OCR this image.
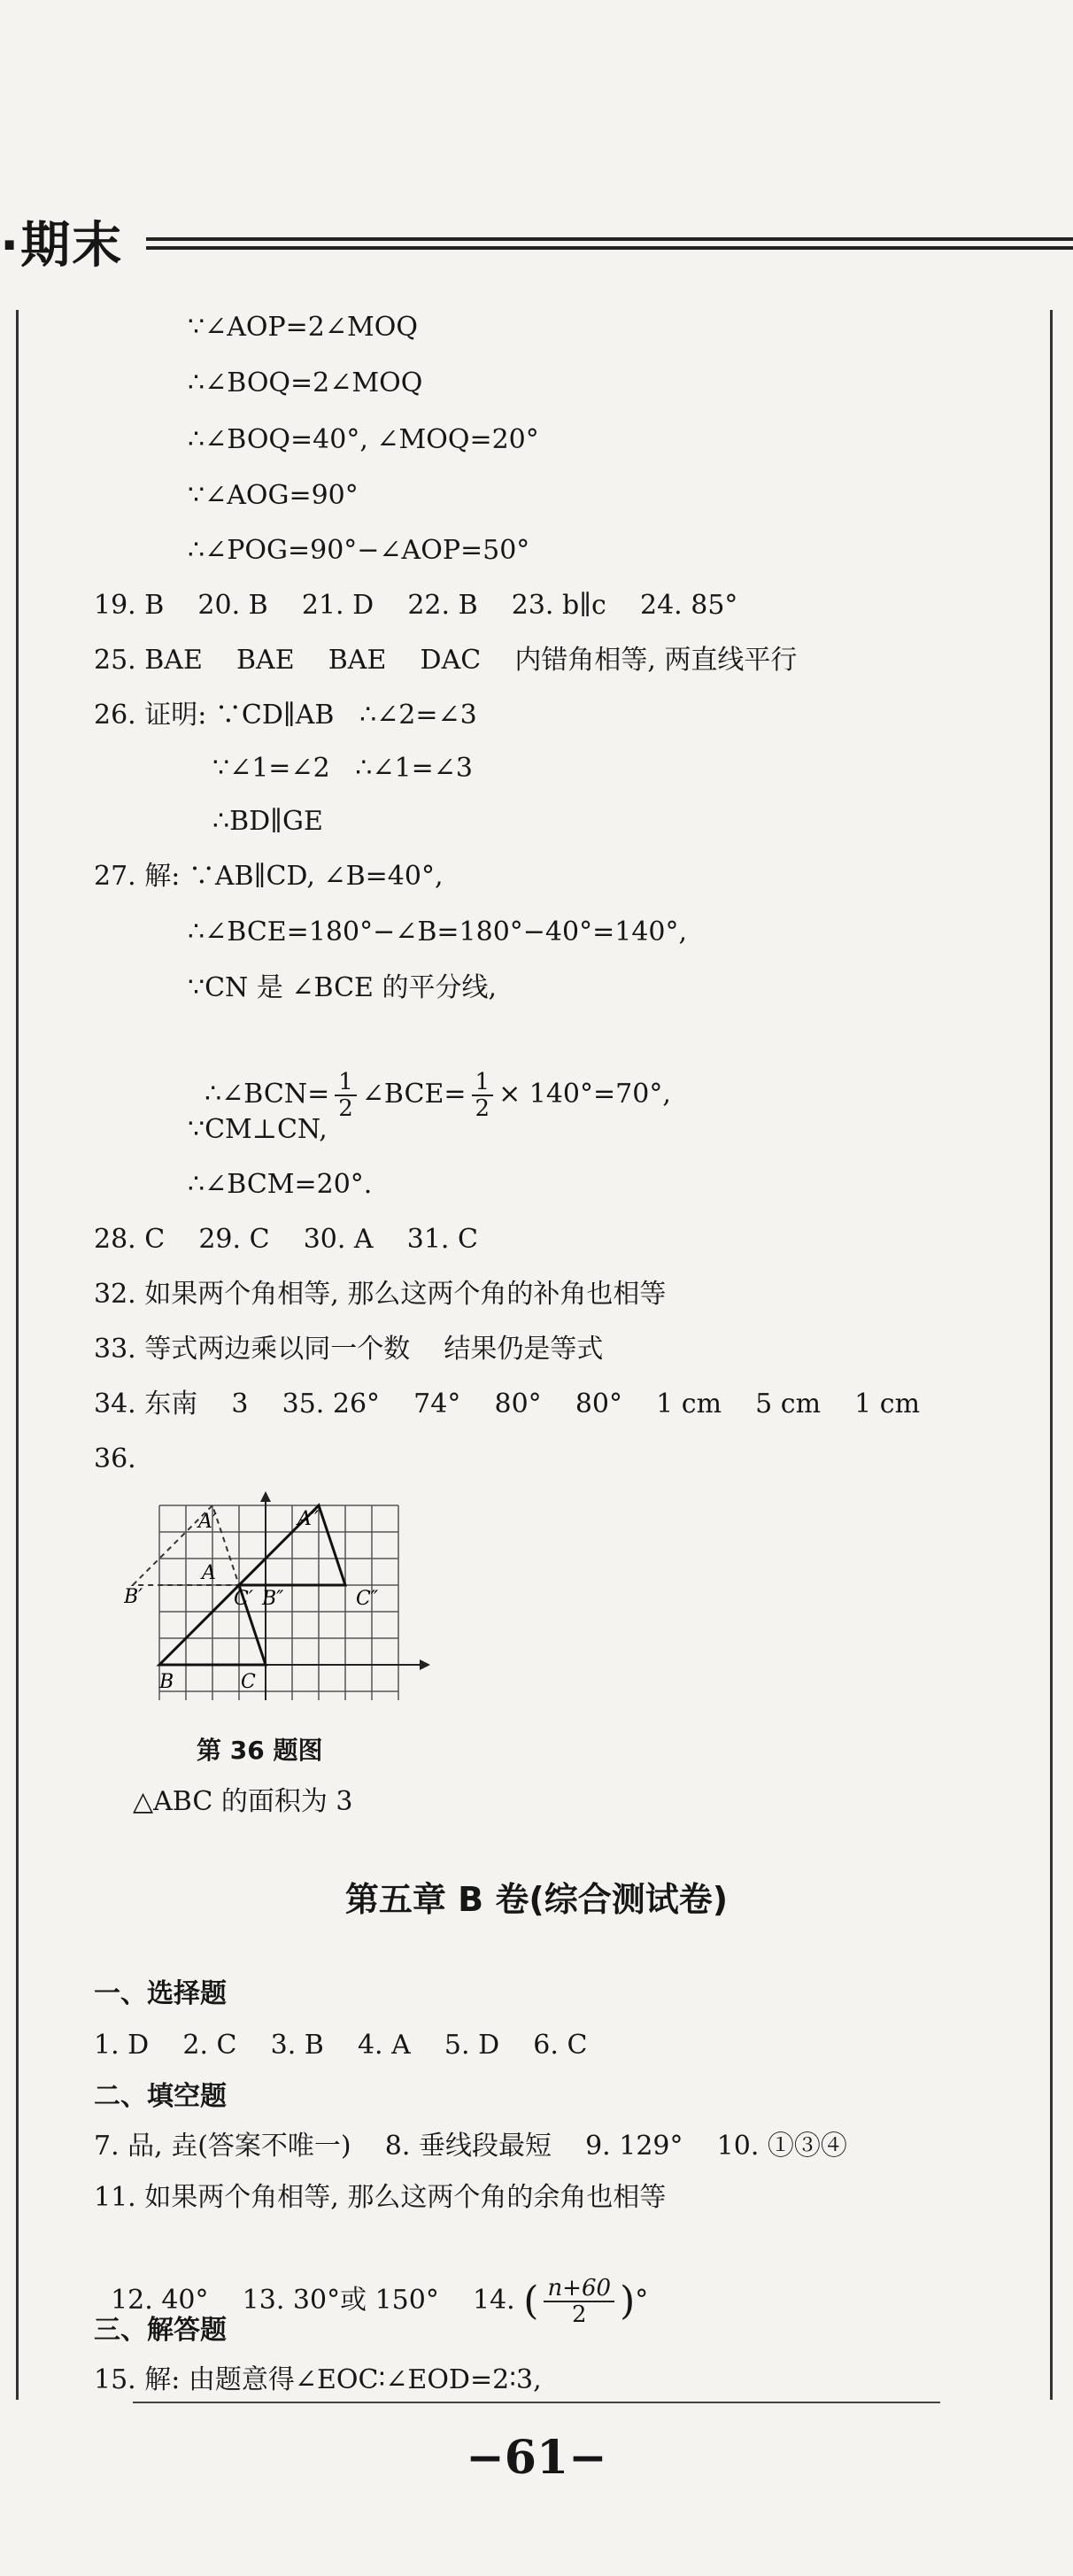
·期末
∵∠AOP=2∠MOQ
∴∠BOQ=2∠MOQ
∴∠BOQ=40°, ∠MOQ=20°
∵∠AOG=90°
∴∠POG=90°−∠AOP=50°
19. B    20. B    21. D    22. B    23. b∥c    24. 85°
25. BAE    BAE    BAE    DAC    内错角相等, 两直线平行
26. 证明: ∵CD∥AB   ∴∠2=∠3
∵∠1=∠2   ∴∠1=∠3
∴BD∥GE
27. 解: ∵AB∥CD, ∠B=40°,
∴∠BCE=180°−∠B=180°−40°=140°,
∵CN 是 ∠BCE 的平分线,

∴∠BCN= $\frac{1}{2}$ ∠BCE= $\frac{1}{2} \times 140^\circ=70^\circ$,

∵CM⊥CN,
∴∠BCM=20°.
28. C    29. C    30. A    31. C
32. 如果两个角相等, 那么这两个角的补角也相等
33. 等式两边乘以同一个数    结果仍是等式
34. 东南    3    35. 26°    74°    80°    80°    1 cm    5 cm    1 cm
36.
A′	A″
A
B′	C′ B″	C″
B	C
第 36 题图
△ABC 的面积为 3
第五章 B 卷(综合测试卷)
一、选择题
1. D    2. C    3. B    4. A    5. D    6. C
二、填空题
7. 品, 垚(答案不唯一)    8. 垂线段最短    9. 129°    10. ①③④
11. 如果两个角相等, 那么这两个角的余角也相等

12. 40°    13. 30°或 150°    14. ( $\frac{n+60}{2}$ )°

三、解答题
15. 解: 由题意得∠EOC∶∠EOD=2∶3,
−61−
